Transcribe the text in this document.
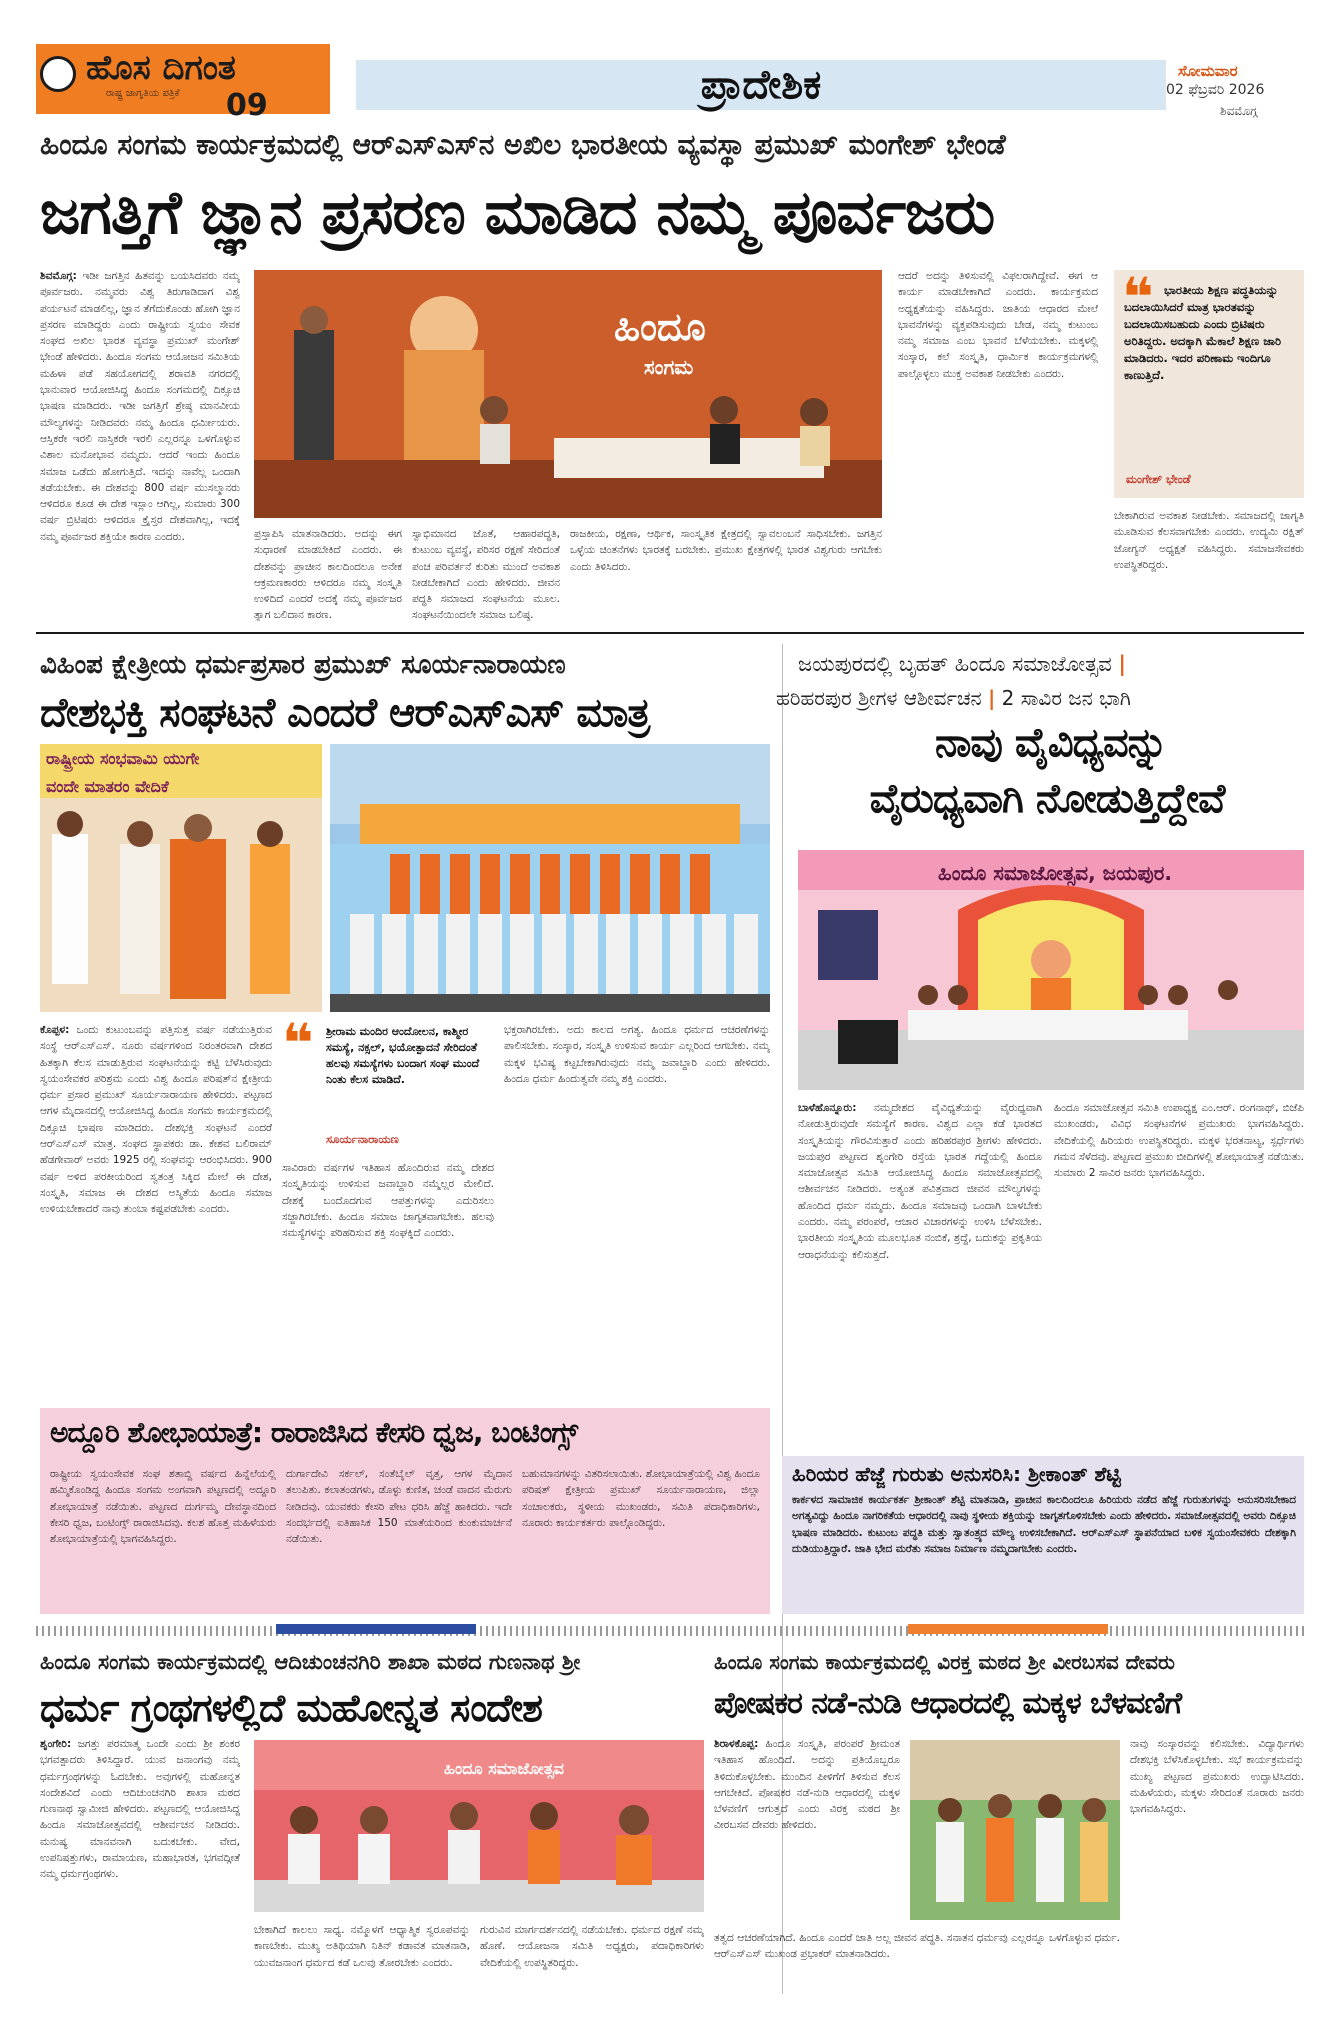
ಹೊಸ ದಿಗಂತ
ರಾಷ್ಟ್ರ ಜಾಗೃತಿಯ ಪತ್ರಿಕೆ 09	ಪ್ರಾದೇಶಿಕ	ಸೋಮವಾರ
02 ಫೆಬ್ರವರಿ 2026
ಶಿವಮೊಗ್ಗ
ಹಿಂದೂ ಸಂಗಮ ಕಾರ್ಯಕ್ರಮದಲ್ಲಿ ಆರ್‌ಎಸ್‌ಎಸ್‌ನ ಅಖಿಲ ಭಾರತೀಯ ವ್ಯವಸ್ಥಾ ಪ್ರಮುಖ್ ಮಂಗೇಶ್ ಭೇಂಡೆ
ಜಗತ್ತಿಗೆ ಜ್ಞಾನ ಪ್ರಸರಣ ಮಾಡಿದ ನಮ್ಮ ಪೂರ್ವಜರು
ಶಿವಮೊಗ್ಗ: ಇಡೀ ಜಗತ್ತಿನ ಹಿತವನ್ನು ಬಯಸಿದವರು ನಮ್ಮ ಪೂರ್ವಜರು. ನಮ್ಮವರು ವಿಶ್ವ ತಿರುಗಾಡಿದಾಗ ವಿಶ್ವ ಪರ್ಯಟನೆ ಮಾಡಲಿಲ್ಲ, ಜ್ಞಾನ ತೆಗೆದುಕೊಂಡು ಹೋಗಿ ಜ್ಞಾನ ಪ್ರಸರಣ ಮಾಡಿದ್ದರು ಎಂದು ರಾಷ್ಟ್ರೀಯ ಸ್ವಯಂ ಸೇವಕ ಸಂಘದ ಅಖಿಲ ಭಾರತ ವ್ಯವಸ್ಥಾ ಪ್ರಮುಖ್ ಮಂಗೇಶ್ ಭೇಂಡೆ ಹೇಳಿದರು. ಹಿಂದೂ ಸಂಗಮ ಆಯೋಜನ ಸಮಿತಿಯ ಮಹಿಳಾ ಪಡೆ ಸಹಯೋಗದಲ್ಲಿ ಶರಾವತಿ ನಗರದಲ್ಲಿ ಭಾನುವಾರ ಆಯೋಜಿಸಿದ್ದ ಹಿಂದೂ ಸಂಗಮದಲ್ಲಿ ದಿಕ್ಸೂಚಿ ಭಾಷಣ ಮಾಡಿದರು. ಇಡೀ ಜಗತ್ತಿಗೆ ಶ್ರೇಷ್ಠ ಮಾನವೀಯ ಮೌಲ್ಯಗಳನ್ನು ನೀಡಿದವರು ನಮ್ಮ ಹಿಂದೂ ಧರ್ಮೀಯರು. ಆಸ್ತಿಕರೇ ಇರಲಿ ನಾಸ್ತಿಕರೇ ಇರಲಿ ಎಲ್ಲರನ್ನೂ ಒಳಗೊಳ್ಳುವ ವಿಶಾಲ ಮನೋಭಾವ ನಮ್ಮದು. ಆದರೆ ಇಂದು ಹಿಂದೂ ಸಮಾಜ ಒಡೆದು ಹೋಗುತ್ತಿದೆ. ಇದನ್ನು ನಾವೆಲ್ಲ ಒಂದಾಗಿ ತಡೆಯಬೇಕು. ಈ ದೇಶವನ್ನು 800 ವರ್ಷ ಮುಸಲ್ಮಾನರು ಆಳಿದರೂ ಕೂಡ ಈ ದೇಶ ಇಸ್ಲಾಂ ಆಗಿಲ್ಲ, ಸುಮಾರು 300 ವರ್ಷ ಬ್ರಿಟಿಷರು ಆಳಿದರೂ ಕ್ರೈಸ್ತರ ದೇಶವಾಗಿಲ್ಲ, ಇದಕ್ಕೆ ನಮ್ಮ ಪೂರ್ವಜರ ಶಕ್ತಿಯೇ ಕಾರಣ ಎಂದರು.
ಹಿಂದೂ
ಸಂಗಮ
ಪ್ರಸ್ತಾಪಿಸಿ ಮಾತನಾಡಿದರು. ಅದನ್ನು ಈಗ ಸುಧಾರಣೆ ಮಾಡಬೇಕಿದೆ ಎಂದರು. ಈ ದೇಶವನ್ನು ಪ್ರಾಚೀನ ಕಾಲದಿಂದಲೂ ಅನೇಕ ಆಕ್ರಮಣಕಾರರು ಆಳಿದರೂ ನಮ್ಮ ಸಂಸ್ಕೃತಿ ಉಳಿದಿದೆ ಎಂದರೆ ಅದಕ್ಕೆ ನಮ್ಮ ಪೂರ್ವಜರ ತ್ಯಾಗ ಬಲಿದಾನ ಕಾರಣ.
ಸ್ವಾಭಿಮಾನದ ಜೊತೆ, ಆಹಾರಪದ್ಧತಿ, ಕುಟುಂಬ ವ್ಯವಸ್ಥೆ, ಪರಿಸರ ರಕ್ಷಣೆ ಸೇರಿದಂತೆ ಪಂಚ ಪರಿವರ್ತನೆ ಕುರಿತು ಮುಂದೆ ಅವಕಾಶ ನೀಡಬೇಕಾಗಿದೆ ಎಂದು ಹೇಳಿದರು. ಜೀವನ ಪದ್ಧತಿ ಸಮಾಜದ ಸಂಘಟನೆಯ ಮೂಲ. ಸಂಘಟನೆಯಿಂದಲೇ ಸಮಾಜ ಬಲಿಷ್ಠ.
ರಾಜಕೀಯ, ರಕ್ಷಣಾ, ಆರ್ಥಿಕ, ಸಾಂಸ್ಕೃತಿಕ ಕ್ಷೇತ್ರದಲ್ಲಿ ಸ್ವಾವಲಂಬನೆ ಸಾಧಿಸಬೇಕು. ಜಗತ್ತಿನ ಒಳ್ಳೆಯ ಚಿಂತನೆಗಳು ಭಾರತಕ್ಕೆ ಬರಬೇಕು. ಪ್ರಮುಖ ಕ್ಷೇತ್ರಗಳಲ್ಲಿ ಭಾರತ ವಿಶ್ವಗುರು ಆಗಬೇಕು ಎಂದು ತಿಳಿಸಿದರು.
ಆದರೆ ಅದನ್ನು ತಿಳಿಸುವಲ್ಲಿ ವಿಫಲರಾಗಿದ್ದೇವೆ. ಈಗ ಆ ಕಾರ್ಯ ಮಾಡಬೇಕಾಗಿದೆ ಎಂದರು. ಕಾರ್ಯಕ್ರಮದ ಅಧ್ಯಕ್ಷತೆಯನ್ನು ವಹಿಸಿದ್ದರು. ಜಾತಿಯ ಆಧಾರದ ಮೇಲೆ ಭಾವನೆಗಳನ್ನು ವ್ಯಕ್ತಪಡಿಸುವುದು ಬೇಡ, ನಮ್ಮ ಕುಟುಂಬ ನಮ್ಮ ಸಮಾಜ ಎಂಬ ಭಾವನೆ ಬೆಳೆಯಬೇಕು. ಮಕ್ಕಳಲ್ಲಿ ಸಂಸ್ಕಾರ, ಕಲೆ ಸಂಸ್ಕೃತಿ, ಧಾರ್ಮಿಕ ಕಾರ್ಯಕ್ರಮಗಳಲ್ಲಿ ಪಾಲ್ಗೊಳ್ಳಲು ಮುಕ್ತ ಅವಕಾಶ ನೀಡಬೇಕು ಎಂದರು.
❝ ಭಾರತೀಯ ಶಿಕ್ಷಣ ಪದ್ಧತಿಯನ್ನು ಬದಲಾಯಿಸಿದರೆ ಮಾತ್ರ ಭಾರತವನ್ನು ಬದಲಾಯಿಸಬಹುದು ಎಂದು ಬ್ರಿಟಿಷರು ಅರಿತಿದ್ದರು. ಅದಕ್ಕಾಗಿ ಮೆಕಾಲೆ ಶಿಕ್ಷಣ ಜಾರಿ ಮಾಡಿದರು. ಇದರ ಪರಿಣಾಮ ಇಂದಿಗೂ ಕಾಣುತ್ತಿದೆ.
ಮಂಗೇಶ್ ಭೇಂಡೆ
ಬೇಕಾಗಿರುವ ಅವಕಾಶ ನೀಡಬೇಕು. ಸಮಾಜದಲ್ಲಿ ಜಾಗೃತಿ ಮೂಡಿಸುವ ಕೆಲಸವಾಗಬೇಕು ಎಂದರು. ಉದ್ಯಮಿ ರಕ್ಷಿತ್ ಜೋಗ್ಯನ್ ಅಧ್ಯಕ್ಷತೆ ವಹಿಸಿದ್ದರು. ಸಮಾಜಸೇವಕರು ಉಪಸ್ಥಿತರಿದ್ದರು.
ವಿಹಿಂಪ ಕ್ಷೇತ್ರೀಯ ಧರ್ಮಪ್ರಸಾರ ಪ್ರಮುಖ್ ಸೂರ್ಯನಾರಾಯಣ
ದೇಶಭಕ್ತಿ ಸಂಘಟನೆ ಎಂದರೆ ಆರ್‌ಎಸ್‌ಎಸ್ ಮಾತ್ರ
ರಾಷ್ಟ್ರೀಯ ಸಂಭವಾಮಿ ಯುಗೇ
ವಂದೇ ಮಾತರಂ ವೇದಿಕೆ
ಕೊಪ್ಪಳ: ಒಂದು ಕುಟುಂಬವನ್ನು ಪತ್ತಿಸುತ್ತ ವರ್ಷ ನಡೆಯುತ್ತಿರುವ ಸಂಸ್ಥೆ ಆರ್‌ಎಸ್‌ಎಸ್. ನೂರು ವರ್ಷಗಳಿಂದ ನಿರಂತರವಾಗಿ ದೇಶದ ಹಿತಕ್ಕಾಗಿ ಕೆಲಸ ಮಾಡುತ್ತಿರುವ ಸಂಘಟನೆಯನ್ನು ಕಟ್ಟಿ ಬೆಳೆಸಿರುವುದು ಸ್ವಯಂಸೇವಕರ ಪರಿಶ್ರಮ ಎಂದು ವಿಶ್ವ ಹಿಂದೂ ಪರಿಷತ್‌ನ ಕ್ಷೇತ್ರೀಯ ಧರ್ಮ ಪ್ರಸಾರ ಪ್ರಮುಖ್ ಸೂರ್ಯನಾರಾಯಣ ಹೇಳಿದರು. ಪಟ್ಟಣದ ಆಗಳ ಮೈದಾನದಲ್ಲಿ ಆಯೋಜಿಸಿದ್ದ ಹಿಂದೂ ಸಂಗಮ ಕಾರ್ಯಕ್ರಮದಲ್ಲಿ ದಿಕ್ಸೂಚಿ ಭಾಷಣ ಮಾಡಿದರು. ದೇಶಭಕ್ತಿ ಸಂಘಟನೆ ಎಂದರೆ ಆರ್‌ಎಸ್‌ಎಸ್ ಮಾತ್ರ. ಸಂಘದ ಸ್ಥಾಪಕರು ಡಾ. ಕೇಶವ ಬಲಿರಾಮ್ ಹೆಡಗೇವಾರ್ ಅವರು 1925 ರಲ್ಲಿ ಸಂಘವನ್ನು ಆರಂಭಿಸಿದರು. 900 ವರ್ಷ ಅಳಿದ ಪರಕೀಯರಿಂದ ಸ್ವತಂತ್ರ ಸಿಕ್ಕಿದ ಮೇಲೆ ಈ ದೇಶ, ಸಂಸ್ಕೃತಿ, ಸಮಾಜ ಈ ದೇಶದ ಅಸ್ಮಿತೆಯ ಹಿಂದೂ ಸಮಾಜ ಉಳಿಯಬೇಕಾದರೆ ನಾವು ತುಂಬಾ ಕಷ್ಟಪಡಬೇಕು ಎಂದರು.
❝ ಶ್ರೀರಾಮ ಮಂದಿರ ಆಂದೋಲನ, ಕಾಶ್ಮೀರ ಸಮಸ್ಯೆ, ನಕ್ಸಲ್, ಭಯೋತ್ಪಾದನೆ ಸೇರಿದಂತೆ ಹಲವು ಸಮಸ್ಯೆಗಳು ಬಂದಾಗ ಸಂಘ ಮುಂದೆ ನಿಂತು ಕೆಲಸ ಮಾಡಿದೆ.
ಸೂರ್ಯನಾರಾಯಣ
ಸಾವಿರಾರು ವರ್ಷಗಳ ಇತಿಹಾಸ ಹೊಂದಿರುವ ನಮ್ಮ ದೇಶದ ಸಂಸ್ಕೃತಿಯನ್ನು ಉಳಿಸುವ ಜವಾಬ್ದಾರಿ ನಮ್ಮೆಲ್ಲರ ಮೇಲಿದೆ. ದೇಶಕ್ಕೆ ಬಂದೊದಗುವ ಆಪತ್ತುಗಳನ್ನು ಎದುರಿಸಲು ಸಜ್ಜಾಗಿರಬೇಕು. ಹಿಂದೂ ಸಮಾಜ ಜಾಗೃತವಾಗಬೇಕು. ಹಲವು ಸಮಸ್ಯೆಗಳನ್ನು ಪರಿಹರಿಸುವ ಶಕ್ತಿ ಸಂಘಕ್ಕಿದೆ ಎಂದರು.
ಭಕ್ತರಾಗಿರಬೇಕು. ಅದು ಕಾಲದ ಅಗತ್ಯ. ಹಿಂದೂ ಧರ್ಮದ ಆಚರಣೆಗಳನ್ನು ಪಾಲಿಸಬೇಕು. ಸಂಸ್ಕಾರ, ಸಂಸ್ಕೃತಿ ಉಳಿಸುವ ಕಾರ್ಯ ಎಲ್ಲರಿಂದ ಆಗಬೇಕು. ನಮ್ಮ ಮಕ್ಕಳ ಭವಿಷ್ಯ ಕಟ್ಟಬೇಕಾಗಿರುವುದು ನಮ್ಮ ಜವಾಬ್ದಾರಿ ಎಂದು ಹೇಳಿದರು. ಹಿಂದೂ ಧರ್ಮ ಹಿಂದುತ್ವವೇ ನಮ್ಮ ಶಕ್ತಿ ಎಂದರು.
ಜಯಪುರದಲ್ಲಿ ಬೃಹತ್ ಹಿಂದೂ ಸಮಾಜೋತ್ಸವ |
ಹರಿಹರಪುರ ಶ್ರೀಗಳ ಆಶೀರ್ವಚನ | 2 ಸಾವಿರ ಜನ ಭಾಗಿ
ನಾವು ವೈವಿಧ್ಯವನ್ನು
ವೈರುಧ್ಯವಾಗಿ ನೋಡುತ್ತಿದ್ದೇವೆ
ಹಿಂದೂ ಸಮಾಜೋತ್ಸವ, ಜಯಪುರ.
ಬಾಳೆಹೊನ್ನೂರು: ನಮ್ಮದೇಶದ ವೈವಿಧ್ಯತೆಯನ್ನು ವೈರುಧ್ಯವಾಗಿ ನೋಡುತ್ತಿರುವುದೇ ಸಮಸ್ಯೆಗೆ ಕಾರಣ. ವಿಶ್ವದ ಎಲ್ಲಾ ಕಡೆ ಭಾರತದ ಸಂಸ್ಕೃತಿಯನ್ನು ಗೌರವಿಸುತ್ತಾರೆ ಎಂದು ಹರಿಹರಪುರ ಶ್ರೀಗಳು ಹೇಳಿದರು. ಜಯಪುರ ಪಟ್ಟಣದ ಶೃಂಗೇರಿ ರಸ್ತೆಯ ಭಾರತ ಗದ್ದೆಯಲ್ಲಿ ಹಿಂದೂ ಸಮಾಜೋತ್ಸವ ಸಮಿತಿ ಆಯೋಜಿಸಿದ್ದ ಹಿಂದೂ ಸಮಾಜೋತ್ಸವದಲ್ಲಿ ಆಶೀರ್ವಚನ ನೀಡಿದರು. ಅತ್ಯಂತ ಪವಿತ್ರವಾದ ಜೀವನ ಮೌಲ್ಯಗಳನ್ನು ಹೊಂದಿದ ಧರ್ಮ ನಮ್ಮದು. ಹಿಂದೂ ಸಮಾಜವು ಒಂದಾಗಿ ಬಾಳಬೇಕು ಎಂದರು. ನಮ್ಮ ಪರಂಪರೆ, ಆಚಾರ ವಿಚಾರಗಳನ್ನು ಉಳಿಸಿ ಬೆಳೆಸಬೇಕು. ಭಾರತೀಯ ಸಂಸ್ಕೃತಿಯ ಮೂಲಭೂತ ನಂಬಿಕೆ, ಶ್ರದ್ಧೆ, ಬದುಕನ್ನು ಪ್ರಕೃತಿಯ ಆರಾಧನೆಯನ್ನು ಕಲಿಸುತ್ತದೆ.
ಹಿಂದೂ ಸಮಾಜೋತ್ಸವ ಸಮಿತಿ ಉಪಾಧ್ಯಕ್ಷ ಎಂ.ಆರ್. ರಂಗನಾಥ್, ಬಿಜೆಪಿ ಮುಖಂಡರು, ವಿವಿಧ ಸಂಘಟನೆಗಳ ಪ್ರಮುಖರು ಭಾಗವಹಿಸಿದ್ದರು. ವೇದಿಕೆಯಲ್ಲಿ ಹಿರಿಯರು ಉಪಸ್ಥಿತರಿದ್ದರು. ಮಕ್ಕಳ ಭರತನಾಟ್ಯ, ಸ್ಪರ್ಧೆಗಳು ಗಮನ ಸೆಳೆದವು. ಪಟ್ಟಣದ ಪ್ರಮುಖ ಬೀದಿಗಳಲ್ಲಿ ಶೋಭಾಯಾತ್ರೆ ನಡೆಯಿತು. ಸುಮಾರು 2 ಸಾವಿರ ಜನರು ಭಾಗವಹಿಸಿದ್ದರು.
ಅದ್ದೂರಿ ಶೋಭಾಯಾತ್ರೆ: ರಾರಾಜಿಸಿದ ಕೇಸರಿ ಧ್ವಜ, ಬಂಟಿಂಗ್ಸ್
ರಾಷ್ಟ್ರೀಯ ಸ್ವಯಂಸೇವಕ ಸಂಘ ಶತಾಬ್ದಿ ವರ್ಷದ ಹಿನ್ನೆಲೆಯಲ್ಲಿ ಹಮ್ಮಿಕೊಂಡಿದ್ದ ಹಿಂದೂ ಸಂಗಮ ಅಂಗವಾಗಿ ಪಟ್ಟಣದಲ್ಲಿ ಅದ್ದೂರಿ ಶೋಭಾಯಾತ್ರೆ ನಡೆಯಿತು. ಪಟ್ಟಣದ ದುರ್ಗಮ್ಮ ದೇವಸ್ಥಾನದಿಂದ ಕೇಸರಿ ಧ್ವಜ, ಬಂಟಿಂಗ್ಸ್ ರಾರಾಜಿಸಿದವು. ಕಲಶ ಹೊತ್ತ ಮಹಿಳೆಯರು ಶೋಭಾಯಾತ್ರೆಯಲ್ಲಿ ಭಾಗವಹಿಸಿದ್ದರು.
ದುರ್ಗಾದೇವಿ ಸರ್ಕಲ್, ಸಂತೆಬೈಲ್ ವೃತ್ತ, ಆಗಳ ಮೈದಾನ ತಲುಪಿತು. ಕಲಾತಂಡಗಳು, ಡೊಳ್ಳು ಕುಣಿತ, ಚಂಡೆ ವಾದನ ಮೆರುಗು ನೀಡಿದವು. ಯುವಕರು ಕೇಸರಿ ಪೇಟ ಧರಿಸಿ ಹೆಜ್ಜೆ ಹಾಕಿದರು. ಇದೇ ಸಂದರ್ಭದಲ್ಲಿ ಐತಿಹಾಸಿಕ 150 ಮಾತೆಯರಿಂದ ಕುಂಕುಮಾರ್ಚನೆ ನಡೆಯಿತು.
ಬಹುಮಾನಗಳನ್ನು ವಿತರಿಸಲಾಯಿತು. ಶೋಭಾಯಾತ್ರೆಯಲ್ಲಿ ವಿಶ್ವ ಹಿಂದೂ ಪರಿಷತ್ ಕ್ಷೇತ್ರೀಯ ಪ್ರಮುಖ್ ಸೂರ್ಯನಾರಾಯಣ, ಜಿಲ್ಲಾ ಸಂಚಾಲಕರು, ಸ್ಥಳೀಯ ಮುಖಂಡರು, ಸಮಿತಿ ಪದಾಧಿಕಾರಿಗಳು, ನೂರಾರು ಕಾರ್ಯಕರ್ತರು ಪಾಲ್ಗೊಂಡಿದ್ದರು.
ಹಿರಿಯರ ಹೆಜ್ಜೆ ಗುರುತು ಅನುಸರಿಸಿ: ಶ್ರೀಕಾಂತ್ ಶೆಟ್ಟಿ
ಕಾರ್ಕಳದ ಸಾಮಾಜಿಕ ಕಾರ್ಯಕರ್ತ ಶ್ರೀಕಾಂತ್ ಶೆಟ್ಟಿ ಮಾತನಾಡಿ, ಪ್ರಾಚೀನ ಕಾಲದಿಂದಲೂ ಹಿರಿಯರು ನಡೆದ ಹೆಜ್ಜೆ ಗುರುತುಗಳನ್ನು ಅನುಸರಿಸಬೇಕಾದ ಅಗತ್ಯವಿದ್ದು ಹಿಂದೂ ನಾಗರಿಕತೆಯ ಆಧಾರದಲ್ಲಿ ನಾವು ಸ್ಥಳೀಯ ಶಕ್ತಿಯನ್ನು ಜಾಗೃತಗೊಳಿಸಬೇಕು ಎಂದು ಹೇಳಿದರು. ಸಮಾಜೋತ್ಸವದಲ್ಲಿ ಅವರು ದಿಕ್ಸೂಚಿ ಭಾಷಣ ಮಾಡಿದರು. ಕುಟುಂಬ ಪದ್ಧತಿ ಮತ್ತು ಸ್ವಾತಂತ್ರ್ಯದ ಮೌಲ್ಯ ಉಳಿಸಬೇಕಾಗಿದೆ. ಆರ್‌ಎಸ್‌ಎಸ್ ಸ್ಥಾಪನೆಯಾದ ಬಳಿಕ ಸ್ವಯಂಸೇವಕರು ದೇಶಕ್ಕಾಗಿ ದುಡಿಯುತ್ತಿದ್ದಾರೆ. ಜಾತಿ ಭೇದ ಮರೆತು ಸಮಾಜ ನಿರ್ಮಾಣ ನಮ್ಮದಾಗಬೇಕು ಎಂದರು.
ಹಿಂದೂ ಸಂಗಮ ಕಾರ್ಯಕ್ರಮದಲ್ಲಿ ಆದಿಚುಂಚನಗಿರಿ ಶಾಖಾ ಮಠದ ಗುಣನಾಥ ಶ್ರೀ
ಧರ್ಮ ಗ್ರಂಥಗಳಲ್ಲಿದೆ ಮಹೋನ್ನತ ಸಂದೇಶ
ಶೃಂಗೇರಿ: ಜಗತ್ತು ಪರಮಾತ್ಮ ಒಂದೇ ಎಂದು ಶ್ರೀ ಶಂಕರ ಭಗವತ್ಪಾದರು ತಿಳಿಸಿದ್ದಾರೆ. ಯುವ ಜನಾಂಗವು ನಮ್ಮ ಧರ್ಮಗ್ರಂಥಗಳನ್ನು ಓದಬೇಕು. ಅವುಗಳಲ್ಲಿ ಮಹೋನ್ನತ ಸಂದೇಶವಿದೆ ಎಂದು ಆದಿಚುಂಚನಗಿರಿ ಶಾಖಾ ಮಠದ ಗುಣನಾಥ ಸ್ವಾಮೀಜಿ ಹೇಳಿದರು. ಪಟ್ಟಣದಲ್ಲಿ ಆಯೋಜಿಸಿದ್ದ ಹಿಂದೂ ಸಮಾಜೋತ್ಸವದಲ್ಲಿ ಆಶೀರ್ವಚನ ನೀಡಿದರು. ಮನುಷ್ಯ ಮಾನವನಾಗಿ ಬದುಕಬೇಕು. ವೇದ, ಉಪನಿಷತ್ತುಗಳು, ರಾಮಾಯಣ, ಮಹಾಭಾರತ, ಭಗವದ್ಗೀತೆ ನಮ್ಮ ಧರ್ಮಗ್ರಂಥಗಳು.
ಹಿಂದೂ ಸಮಾಜೋತ್ಸವ
ಬೇಕಾಗಿದೆ ಕಾಲಲು ಸಾಧ್ಯ. ನಮ್ಮೊಳಗೆ ಆಧ್ಯಾತ್ಮಿಕ ಸ್ವರೂಪವನ್ನು ಕಾಣಬೇಕು. ಮುಖ್ಯ ಅತಿಥಿಯಾಗಿ ನಿತಿನ್ ಕಡಾವತ ಮಾತನಾಡಿ, ಯುವಜನಾಂಗ ಧರ್ಮದ ಕಡೆ ಒಲವು ತೋರಬೇಕು ಎಂದರು.
ಗುರುವಿನ ಮಾರ್ಗದರ್ಶನದಲ್ಲಿ ನಡೆಯಬೇಕು. ಧರ್ಮದ ರಕ್ಷಣೆ ನಮ್ಮ ಹೊಣೆ. ಆಯೋಜನಾ ಸಮಿತಿ ಅಧ್ಯಕ್ಷರು, ಪದಾಧಿಕಾರಿಗಳು ವೇದಿಕೆಯಲ್ಲಿ ಉಪಸ್ಥಿತರಿದ್ದರು.
ಹಿಂದೂ ಸಂಗಮ ಕಾರ್ಯಕ್ರಮದಲ್ಲಿ ವಿರಕ್ತ ಮಠದ ಶ್ರೀ ವೀರಬಸವ ದೇವರು
ಪೋಷಕರ ನಡೆ-ನುಡಿ ಆಧಾರದಲ್ಲಿ ಮಕ್ಕಳ ಬೆಳವಣಿಗೆ
ಶಿರಾಳಕೊಪ್ಪ: ಹಿಂದೂ ಸಂಸ್ಕೃತಿ, ಪರಂಪರೆ ಶ್ರೀಮಂತ ಇತಿಹಾಸ ಹೊಂದಿದೆ. ಅದನ್ನು ಪ್ರತಿಯೊಬ್ಬರೂ ತಿಳಿದುಕೊಳ್ಳಬೇಕು. ಮುಂದಿನ ಪೀಳಿಗೆಗೆ ತಿಳಿಸುವ ಕೆಲಸ ಆಗಬೇಕಿದೆ. ಪೋಷಕರ ನಡೆ-ನುಡಿ ಆಧಾರದಲ್ಲಿ ಮಕ್ಕಳ ಬೆಳವಣಿಗೆ ಆಗುತ್ತದೆ ಎಂದು ವಿರಕ್ತ ಮಠದ ಶ್ರೀ ವೀರಬಸವ ದೇವರು ಹೇಳಿದರು.
ತತ್ವದ ಆಚರಣೆಯಾಗಿದೆ. ಹಿಂದೂ ಎಂದರೆ ಜಾತಿ ಅಲ್ಲ ಜೀವನ ಪದ್ಧತಿ. ಸನಾತನ ಧರ್ಮವು ಎಲ್ಲರನ್ನೂ ಒಳಗೊಳ್ಳುವ ಧರ್ಮ. ಆರ್‌ಎಸ್‌ಎಸ್ ಮುಖಂಡ ಪ್ರಭಾಕರ್ ಮಾತನಾಡಿದರು.
ನಾವು ಸಂಸ್ಕಾರವನ್ನು ಕಲಿಸಬೇಕು. ವಿದ್ಯಾರ್ಥಿಗಳು ದೇಶಭಕ್ತಿ ಬೆಳೆಸಿಕೊಳ್ಳಬೇಕು. ಸಭೆ ಕಾರ್ಯಕ್ರಮವನ್ನು ಮುಖ್ಯ ಪಟ್ಟಣದ ಪ್ರಮುಖರು ಉದ್ಘಾಟಿಸಿದರು. ಮಹಿಳೆಯರು, ಮಕ್ಕಳು ಸೇರಿದಂತೆ ನೂರಾರು ಜನರು ಭಾಗವಹಿಸಿದ್ದರು.
